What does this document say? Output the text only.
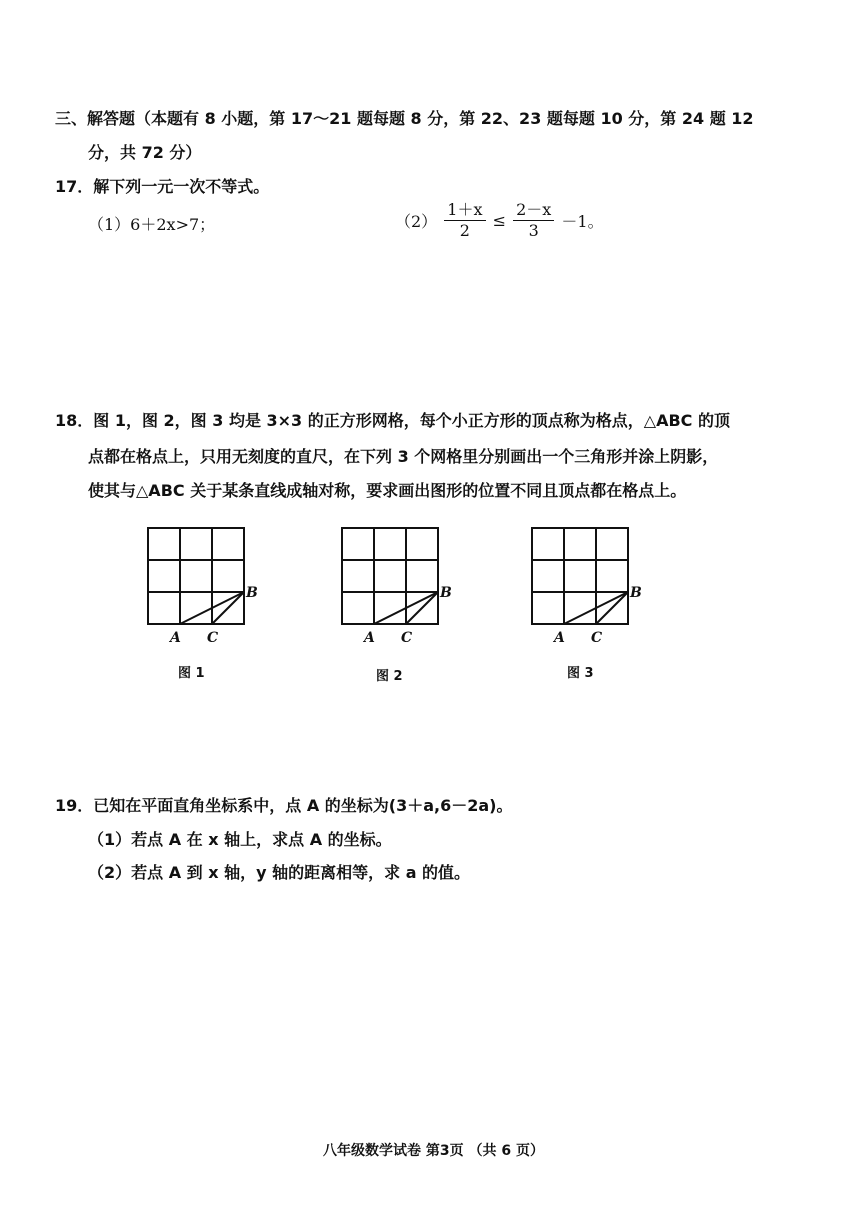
三、解答题（本题有 8 小题，第 17～21 题每题 8 分，第 22、23 题每题 10 分，第 24 题 12
分，共 72 分）
17．解下列一元一次不等式。
（1）6＋2x>7；	$(2) \frac{1+x}{2} \le \frac{2-x}{3} -1$。
18．图 1，图 2，图 3 均是 3×3 的正方形网格，每个小正方形的顶点称为格点，△ABC 的顶
点都在格点上，只用无刻度的直尺，在下列 3 个网格里分别画出一个三角形并涂上阴影，
使其与△ABC 关于某条直线成轴对称，要求画出图形的位置不同且顶点都在格点上。
B
A C
图 1
B
A C
图 2
B
A C
图 3
19．已知在平面直角坐标系中，点 A 的坐标为(3＋a,6－2a)。
（1）若点 A 在 x 轴上，求点 A 的坐标。
（2）若点 A 到 x 轴，y 轴的距离相等，求 a 的值。
八年级数学试卷 第3页 （共 6 页）
